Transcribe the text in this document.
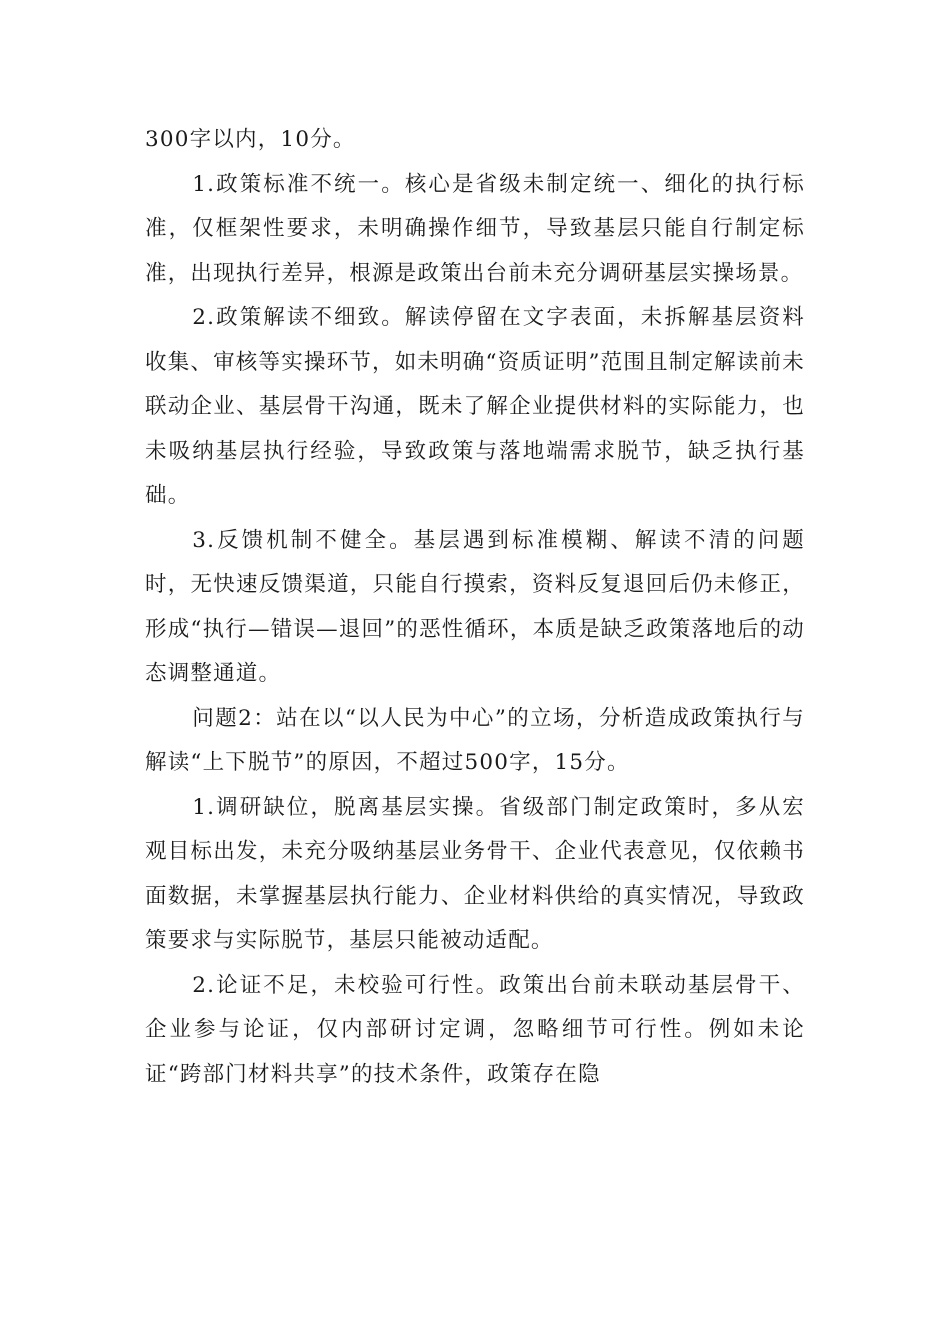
300字以内，10分。

1.政策标准不统一。核心是省级未制定统一、细化的执行标准，仅框架性要求，未明确操作细节，导致基层只能自行制定标准，出现执行差异，根源是政策出台前未充分调研基层实操场景。

2.政策解读不细致。解读停留在文字表面，未拆解基层资料收集、审核等实操环节，如未明确“资质证明”范围且制定解读前未联动企业、基层骨干沟通，既未了解企业提供材料的实际能力，也未吸纳基层执行经验，导致政策与落地端需求脱节，缺乏执行基础。

3.反馈机制不健全。基层遇到标准模糊、解读不清的问题时，无快速反馈渠道，只能自行摸索，资料反复退回后仍未修正，形成“执行—错误—退回”的恶性循环，本质是缺乏政策落地后的动态调整通道。

问题2：站在以“以人民为中心”的立场，分析造成政策执行与解读“上下脱节”的原因，不超过500字，15分。

1.调研缺位，脱离基层实操。省级部门制定政策时，多从宏观目标出发，未充分吸纳基层业务骨干、企业代表意见，仅依赖书面数据，未掌握基层执行能力、企业材料供给的真实情况，导致政策要求与实际脱节，基层只能被动适配。

2.论证不足，未校验可行性。政策出台前未联动基层骨干、企业参与论证，仅内部研讨定调，忽略细节可行性。例如未论证“跨部门材料共享”的技术条件，政策存在隐
